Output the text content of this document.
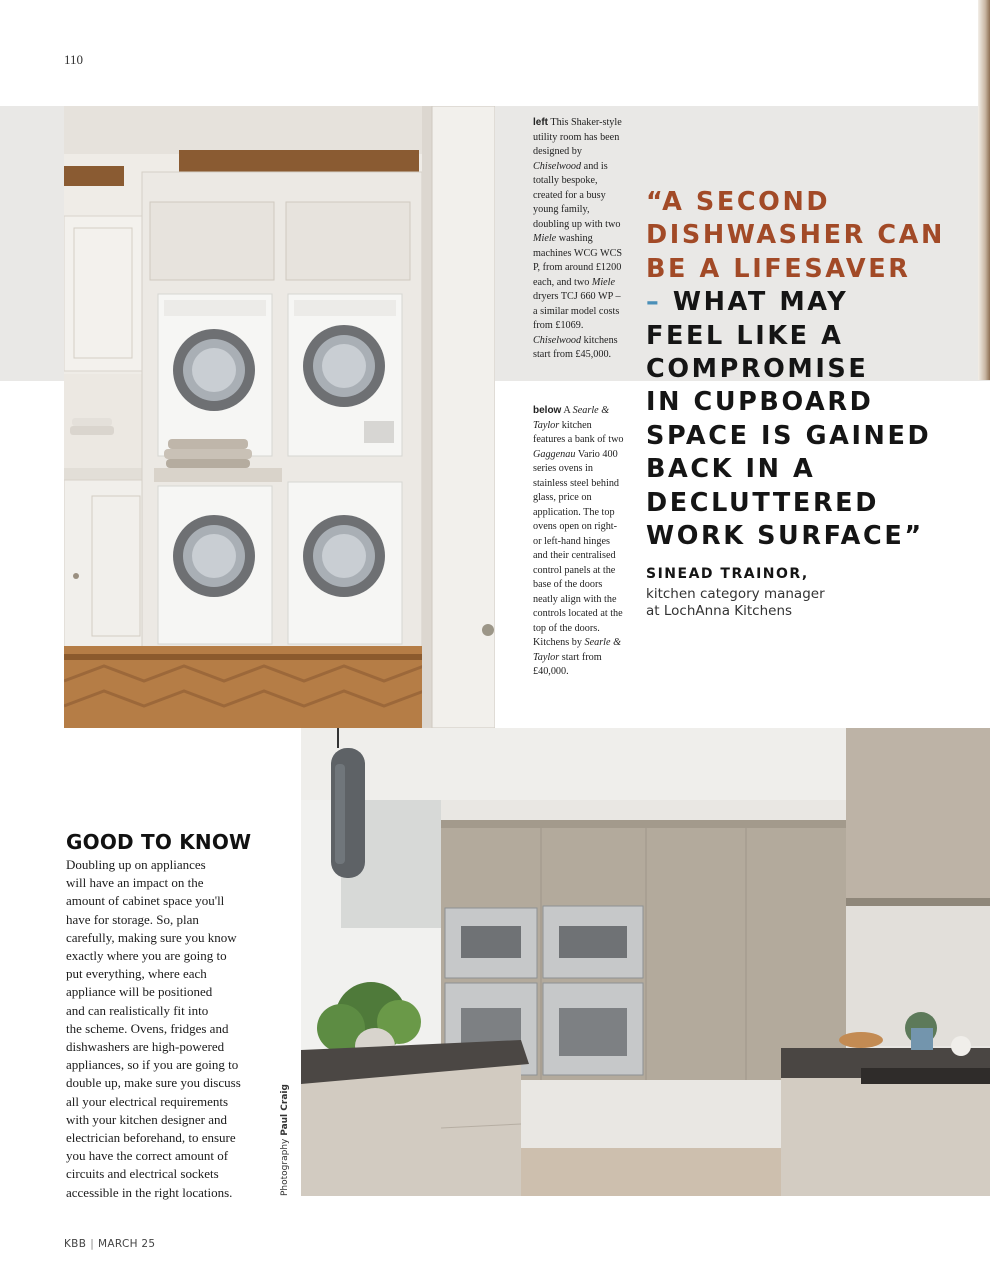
110
left This Shaker-style utility room has been designed by Chiselwood and is totally bespoke, created for a busy young family, doubling up with two Miele washing machines WCG WCS P, from around £1200 each, and two Miele dryers TCJ 660 WP – a similar model costs from £1069. Chiselwood kitchens start from £45,000.
below A Searle & Taylor kitchen features a bank of two Gaggenau Vario 400 series ovens in stainless steel behind glass, price on application. The top ovens open on right- or left-hand hinges and their centralised control panels at the base of the doors neatly align with the controls located at the top of the doors. Kitchens by Searle & Taylor start from £40,000.
“A SECOND
DISHWASHER CAN
BE A LIFESAVER
– WHAT MAY
FEEL LIKE A
COMPROMISE
IN CUPBOARD
SPACE IS GAINED
BACK IN A
DECLUTTERED
WORK SURFACE”
SINEAD TRAINOR,
kitchen category manager
at LochAnna Kitchens
GOOD TO KNOW
Doubling up on appliances
will have an impact on the
amount of cabinet space you'll
have for storage. So, plan
carefully, making sure you know
exactly where you are going to
put everything, where each
appliance will be positioned
and can realistically fit into
the scheme. Ovens, fridges and
dishwashers are high-powered
appliances, so if you are going to
double up, make sure you discuss
all your electrical requirements
with your kitchen designer and
electrician beforehand, to ensure
you have the correct amount of
circuits and electrical sockets
accessible in the right locations.	Photography Paul Craig
KBB | MARCH 25
